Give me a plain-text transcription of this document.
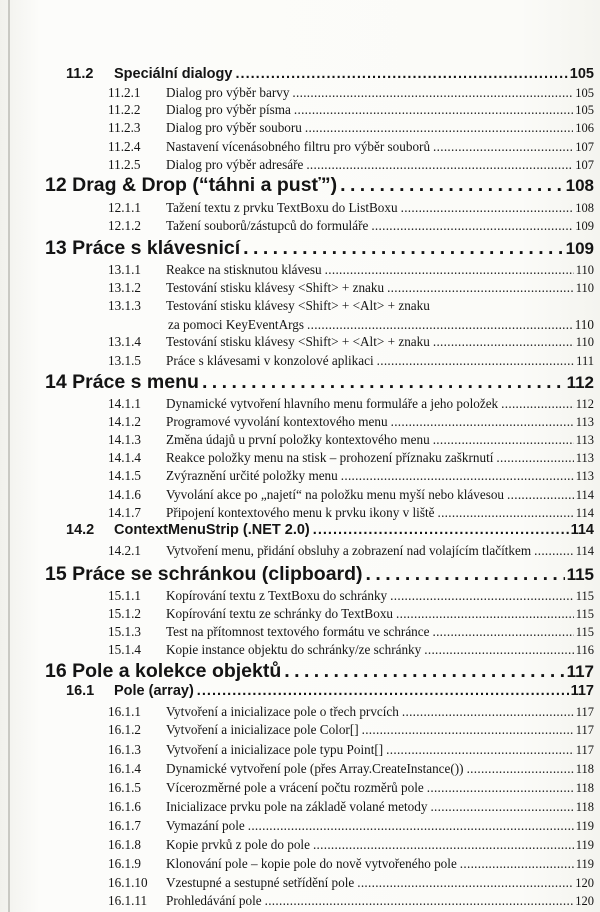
11.2	Speciální dialogy . . .	105
11.2.1	Dialog pro výběr barvy . . .	105
11.2.2	Dialog pro výběr písma . . .	105
11.2.3	Dialog pro výběr souboru . . .	106
11.2.4	Nastavení vícenásobného filtru pro výběr souborů . . .	107
11.2.5	Dialog pro výběr adresáře . . .	107
12 Drag & Drop (“táhni a pusť”) . . .	108
12.1.1	Tažení textu z prvku TextBoxu do ListBoxu . . .	108
12.1.2	Tažení souborů/zástupců do formuláře . . .	109
13 Práce s klávesnicí . . .	109
13.1.1	Reakce na stisknutou klávesu . . .	110
13.1.2	Testování stisku klávesy <Shift> + znaku . . .	110
13.1.3	Testování stisku klávesy <Shift> + <Alt> + znaku
za pomoci KeyEventArgs . . .	110
13.1.4	Testování stisku klávesy <Shift> + <Alt> + znaku . . .	110
13.1.5	Práce s klávesami v konzolové aplikaci . . .	111
14 Práce s menu . . .	112
14.1.1	Dynamické vytvoření hlavního menu formuláře a jeho položek . . .	112
14.1.2	Programové vyvolání kontextového menu . . .	113
14.1.3	Změna údajů u první položky kontextového menu . . .	113
14.1.4	Reakce položky menu na stisk – prohození příznaku zaškrnutí . . .	113
14.1.5	Zvýraznění určité položky menu . . .	113
14.1.6	Vyvolání akce po „najetí“ na položku menu myší nebo klávesou . . .	114
14.1.7	Připojení kontextového menu k prvku ikony v liště . . .	114
14.2	ContextMenuStrip (.NET 2.0) . . .	114
14.2.1	Vytvoření menu, přidání obsluhy a zobrazení nad volajícím tlačítkem . . .	114
15 Práce se schránkou (clipboard) . . .	115
15.1.1	Kopírování textu z TextBoxu do schránky . . .	115
15.1.2	Kopírování textu ze schránky do TextBoxu . . .	115
15.1.3	Test na přítomnost textového formátu ve schránce . . .	115
15.1.4	Kopie instance objektu do schránky/ze schránky . . .	116
16 Pole a kolekce objektů . . .	117
16.1	Pole (array) . . .	117
16.1.1	Vytvoření a inicializace pole o třech prvcích . . .	117
16.1.2	Vytvoření a inicializace pole Color[] . . .	117
16.1.3	Vytvoření a inicializace pole typu Point[] . . .	117
16.1.4	Dynamické vytvoření pole (přes Array.CreateInstance()) . . .	118
16.1.5	Vícerozměrné pole a vrácení počtu rozměrů pole . . .	118
16.1.6	Inicializace prvku pole na základě volané metody . . .	118
16.1.7	Vymazání pole . . .	119
16.1.8	Kopie prvků z pole do pole . . .	119
16.1.9	Klonování pole – kopie pole do nově vytvořeného pole . . .	119
16.1.10	Vzestupné a sestupné setřídění pole . . .	120
16.1.11	Prohledávání pole . . .	120
